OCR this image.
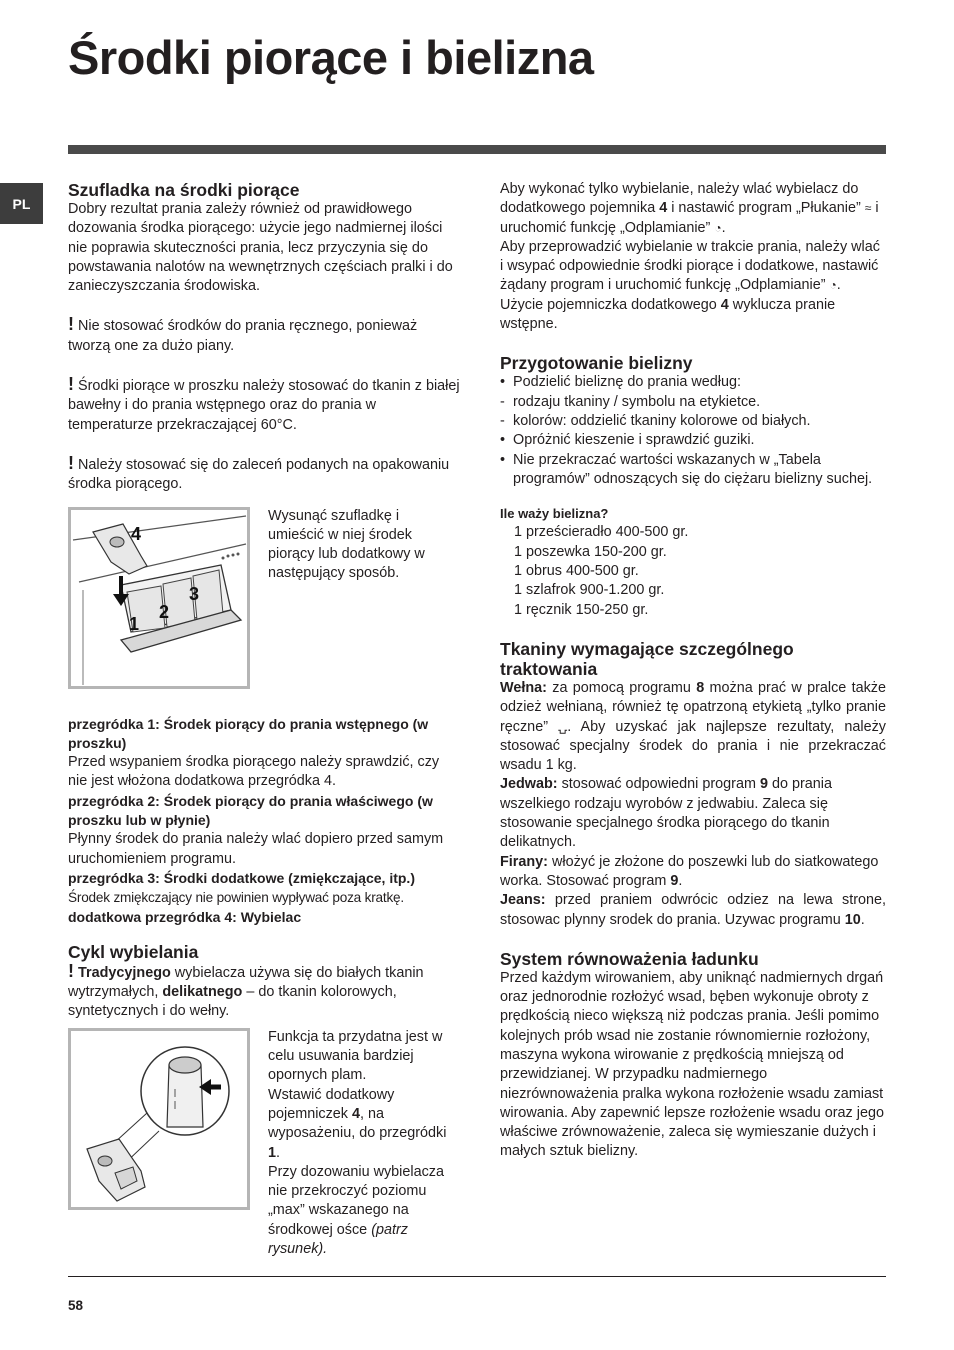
Środki piorące i bielizna
PL
Szufladka na środki piorące

Dobry rezultat prania zależy również od prawidłowego dozowania środka piorącego: użycie jego nadmiernej ilości nie poprawia skuteczności prania, lecz przyczynia się do powstawania nalotów na wewnętrznych częściach pralki i do zanieczyszczania środowiska.

! Nie stosować środków do prania ręcznego, ponieważ tworzą one za dużo piany.

! Środki piorące w proszku należy stosować do tkanin z białej bawełny i do prania wstępnego oraz do prania w temperaturze przekraczającej 60°C.

! Należy stosować się do zaleceń podanych na opakowaniu środka piorącego.

4
1
2
3

Wysunąć szufladkę i umieścić w niej środek piorący lub dodatkowy w następujący sposób.

przegródka 1: Środek piorący do prania wstępnego (w proszku)

Przed wsypaniem środka piorącego należy sprawdzić, czy nie jest włożona dodatkowa przegródka 4.

przegródka 2: Środek piorący do prania właściwego (w proszku lub w płynie)

Płynny środek do prania należy wlać dopiero przed samym uruchomieniem programu.

przegródka 3: Środki dodatkowe (zmiękczające, itp.)

Środek zmiękczający nie powinien wypływać poza kratkę.

dodatkowa przegródka 4: Wybielac

Cykl wybielania

! Tradycyjnego wybielacza używa się do białych tkanin wytrzymałych, delikatnego – do tkanin kolorowych, syntetycznych i do wełny.

Funkcja ta przydatna jest w celu usuwania bardziej opornych plam.

Wstawić dodatkowy pojemniczek 4, na wyposażeniu, do przegródki 1.

Przy dozowaniu wybielacza nie przekroczyć poziomu „max” wskazanego na środkowej ośce (patrz rysunek).

Aby wykonać tylko wybielanie, należy wlać wybielacz do dodatkowego pojemnika 4 i nastawić program „Płukanie” ≈ i uruchomić funkcję „Odplamianie” ◔.

Aby przeprowadzić wybielanie w trakcie prania, należy wlać i wsypać odpowiednie środki piorące i dodatkowe, nastawić żądany program i uruchomić funkcję „Odplamianie” ◔.

Użycie pojemniczka dodatkowego 4 wyklucza pranie wstępne.

Przygotowanie bielizny
• Podzielić bieliznę do prania według:
- rodzaju tkaniny / symbolu na etykietce.
- kolorów: oddzielić tkaniny kolorowe od białych.
• Opróżnić kieszenie i sprawdzić guziki.
• Nie przekraczać wartości wskazanych w „Tabela programów” odnoszących się do ciężaru bielizny suchej.

Ile waży bielizna?

1 prześcieradło 400-500 gr.

1 poszewka 150-200 gr.

1 obrus 400-500 gr.

1 szlafrok 900-1.200 gr.

1 ręcznik 150-250 gr.

Tkaniny wymagające szczególnego traktowania

Wełna: za pomocą programu 8 można prać w pralce także odzież wełnianą, również tę opatrzoną etykietą „tylko pranie ręczne” ⍽. Aby uzyskać jak najlepsze rezultaty, należy stosować specjalny środek do prania i nie przekraczać wsadu 1 kg.

Jedwab: stosować odpowiedni program 9 do prania wszelkiego rodzaju wyrobów z jedwabiu. Zaleca się stosowanie specjalnego środka piorącego do tkanin delikatnych.

Firany: włożyć je złożone do poszewki lub do siatkowatego worka. Stosować program 9.

Jeans: przed praniem odwrócic odziez na lewa strone, stosowac plynny srodek do prania. Uzywac programu 10.

System równoważenia ładunku

Przed każdym wirowaniem, aby uniknąć nadmiernych drgań oraz jednorodnie rozłożyć wsad, bęben wykonuje obroty z prędkością nieco większą niż podczas prania. Jeśli pomimo kolejnych prób wsad nie zostanie równomiernie rozłożony, maszyna wykona wirowanie z prędkością mniejszą od przewidzianej. W przypadku nadmiernego niezrównoważenia pralka wykona rozłożenie wsadu zamiast wirowania. Aby zapewnić lepsze rozłożenie wsadu oraz jego właściwe zrównoważenie, zaleca się wymieszanie dużych i małych sztuk bielizny.

58
